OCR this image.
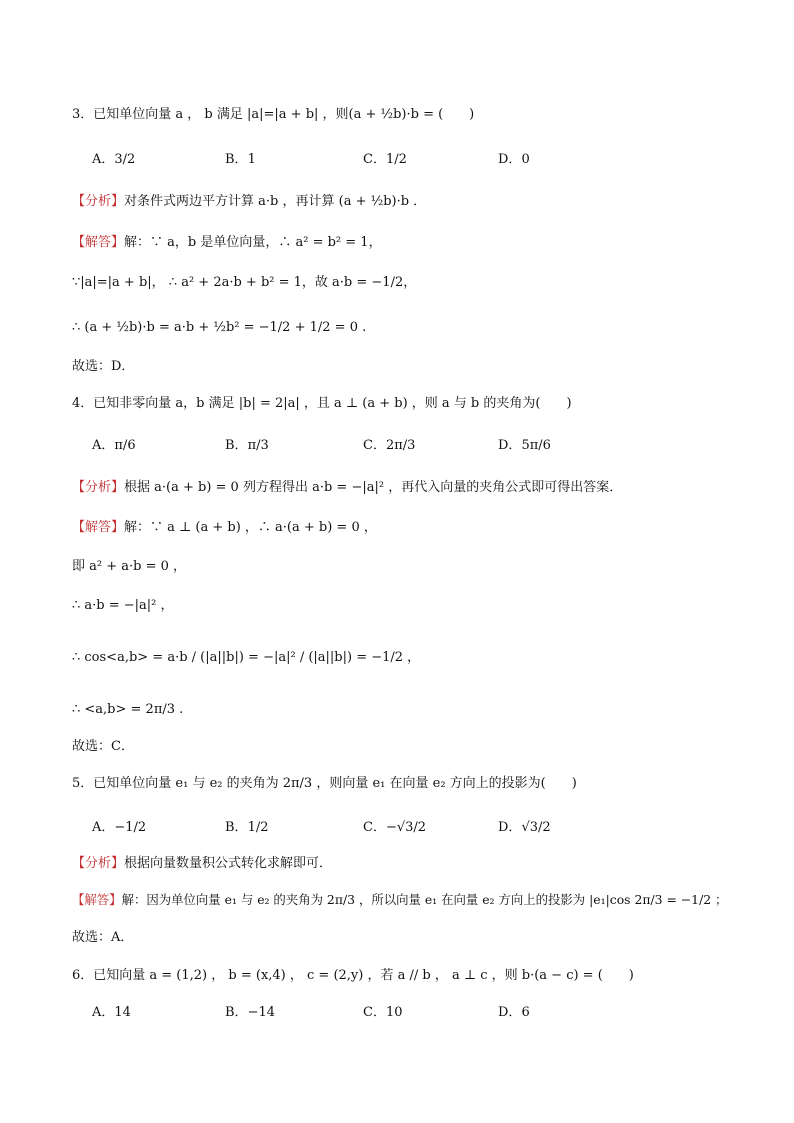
3．已知单位向量 a ， b 满足 |a|=|a + b| ，则(a + ½b)·b = (　　)
A．3/2	B．1	C．1/2	D．0
【分析】对条件式两边平方计算 a·b ，再计算 (a + ½b)·b ．
【解答】解：∵ a，b 是单位向量，∴ a² = b² = 1，
∵|a|=|a + b|， ∴ a² + 2a·b + b² = 1，故 a·b = −1/2，
∴ (a + ½b)·b = a·b + ½b² = −1/2 + 1/2 = 0 .
故选：D．
4．已知非零向量 a，b 满足 |b| = 2|a| ，且 a ⊥ (a + b) ，则 a 与 b 的夹角为(　　)
A．π/6	B．π/3	C．2π/3	D．5π/6
【分析】根据 a·(a + b) = 0 列方程得出 a·b = −|a|² ，再代入向量的夹角公式即可得出答案．
【解答】解：∵ a ⊥ (a + b) ，∴ a·(a + b) = 0 ，
即 a² + a·b = 0 ，
∴ a·b = −|a|² ，
∴ cos<a,b> = a·b / (|a||b|) = −|a|² / (|a||b|) = −1/2 ，
∴ <a,b> = 2π/3 .
故选：C．
5．已知单位向量 e₁ 与 e₂ 的夹角为 2π/3 ，则向量 e₁ 在向量 e₂ 方向上的投影为(　　)
A．−1/2	B．1/2	C．−√3/2	D．√3/2
【分析】根据向量数量积公式转化求解即可．
【解答】解：因为单位向量 e₁ 与 e₂ 的夹角为 2π/3 ，所以向量 e₁ 在向量 e₂ 方向上的投影为 |e₁|cos 2π/3 = −1/2 ；
故选：A．
6．已知向量 a = (1,2) ， b = (x,4) ， c = (2,y) ，若 a // b ， a ⊥ c ，则 b·(a − c) = (　　)
A．14	B．−14	C．10	D．6
